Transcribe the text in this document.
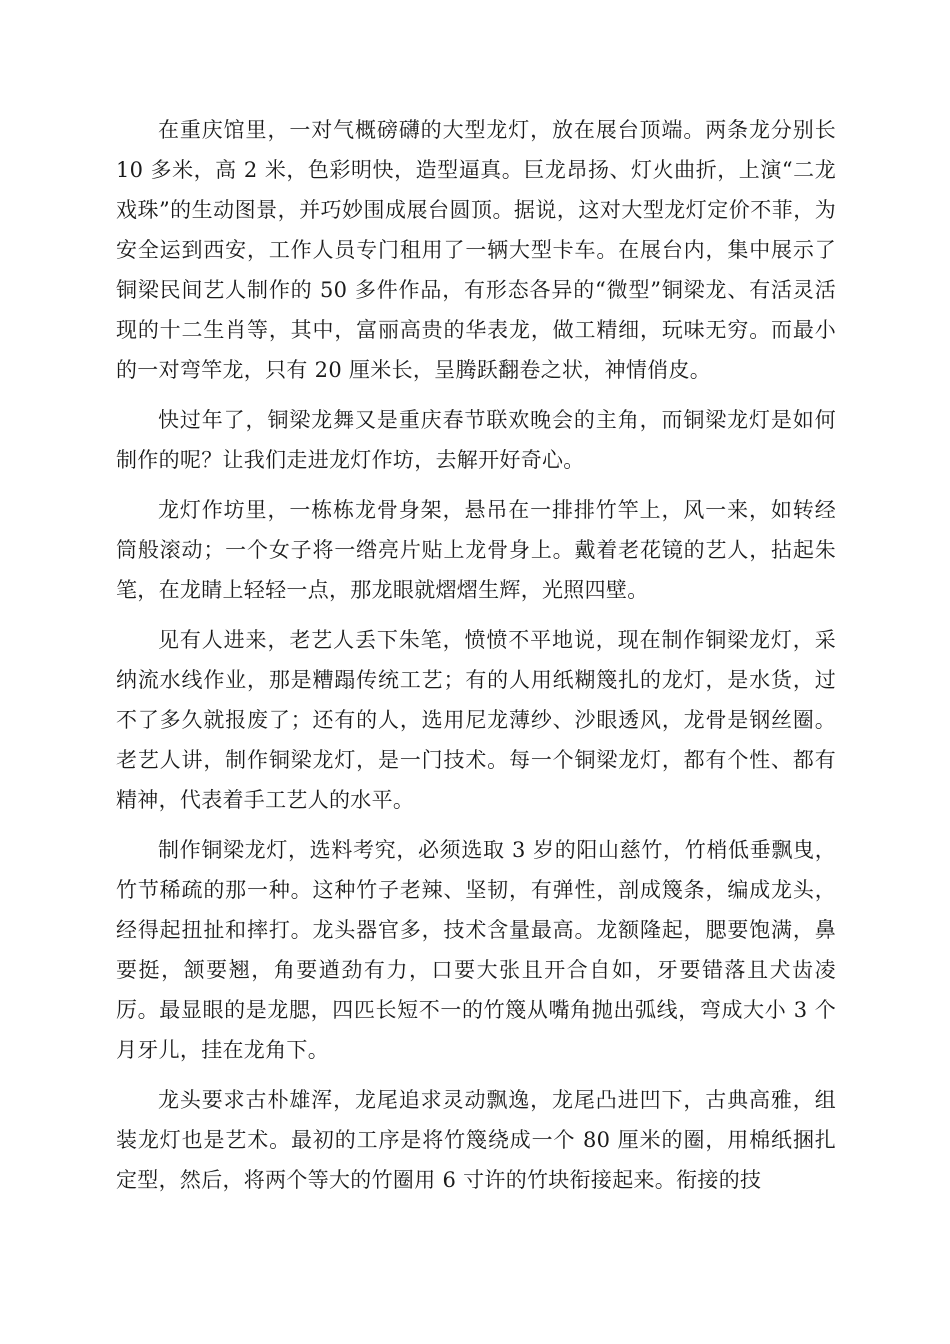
在重庆馆里，一对气概磅礴的大型龙灯，放在展台顶端。两条龙分别长 10 多米，高 2 米，色彩明快，造型逼真。巨龙昂扬、灯火曲折，上演“二龙戏珠”的生动图景，并巧妙围成展台圆顶。据说，这对大型龙灯定价不菲，为安全运到西安，工作人员专门租用了一辆大型卡车。在展台内，集中展示了铜梁民间艺人制作的 50 多件作品，有形态各异的“微型”铜梁龙、有活灵活现的十二生肖等，其中，富丽高贵的华表龙，做工精细，玩味无穷。而最小的一对弯竿龙，只有 20 厘米长，呈腾跃翻卷之状，神情俏皮。

快过年了，铜梁龙舞又是重庆春节联欢晚会的主角，而铜梁龙灯是如何制作的呢？让我们走进龙灯作坊，去解开好奇心。

龙灯作坊里，一栋栋龙骨身架，悬吊在一排排竹竿上，风一来，如转经筒般滚动；一个女子将一绺亮片贴上龙骨身上。戴着老花镜的艺人，拈起朱笔，在龙睛上轻轻一点，那龙眼就熠熠生辉，光照四壁。

见有人进来，老艺人丢下朱笔，愤愤不平地说，现在制作铜梁龙灯，采纳流水线作业，那是糟蹋传统工艺；有的人用纸糊篾扎的龙灯，是水货，过不了多久就报废了；还有的人，选用尼龙薄纱、沙眼透风，龙骨是钢丝圈。老艺人讲，制作铜梁龙灯，是一门技术。每一个铜梁龙灯，都有个性、都有精神，代表着手工艺人的水平。

制作铜梁龙灯，选料考究，必须选取 3 岁的阳山慈竹，竹梢低垂飘曳，竹节稀疏的那一种。这种竹子老辣、坚韧，有弹性，剖成篾条，编成龙头，经得起扭扯和摔打。龙头器官多，技术含量最高。龙额隆起，腮要饱满，鼻要挺，颔要翘，角要遒劲有力，口要大张且开合自如，牙要错落且犬齿凌厉。最显眼的是龙腮，四匹长短不一的竹篾从嘴角抛出弧线，弯成大小 3 个月牙儿，挂在龙角下。

龙头要求古朴雄浑，龙尾追求灵动飘逸，龙尾凸进凹下，古典高雅，组装龙灯也是艺术。最初的工序是将竹篾绕成一个 80 厘米的圈，用棉纸捆扎定型，然后，将两个等大的竹圈用 6 寸许的竹块衔接起来。衔接的技
